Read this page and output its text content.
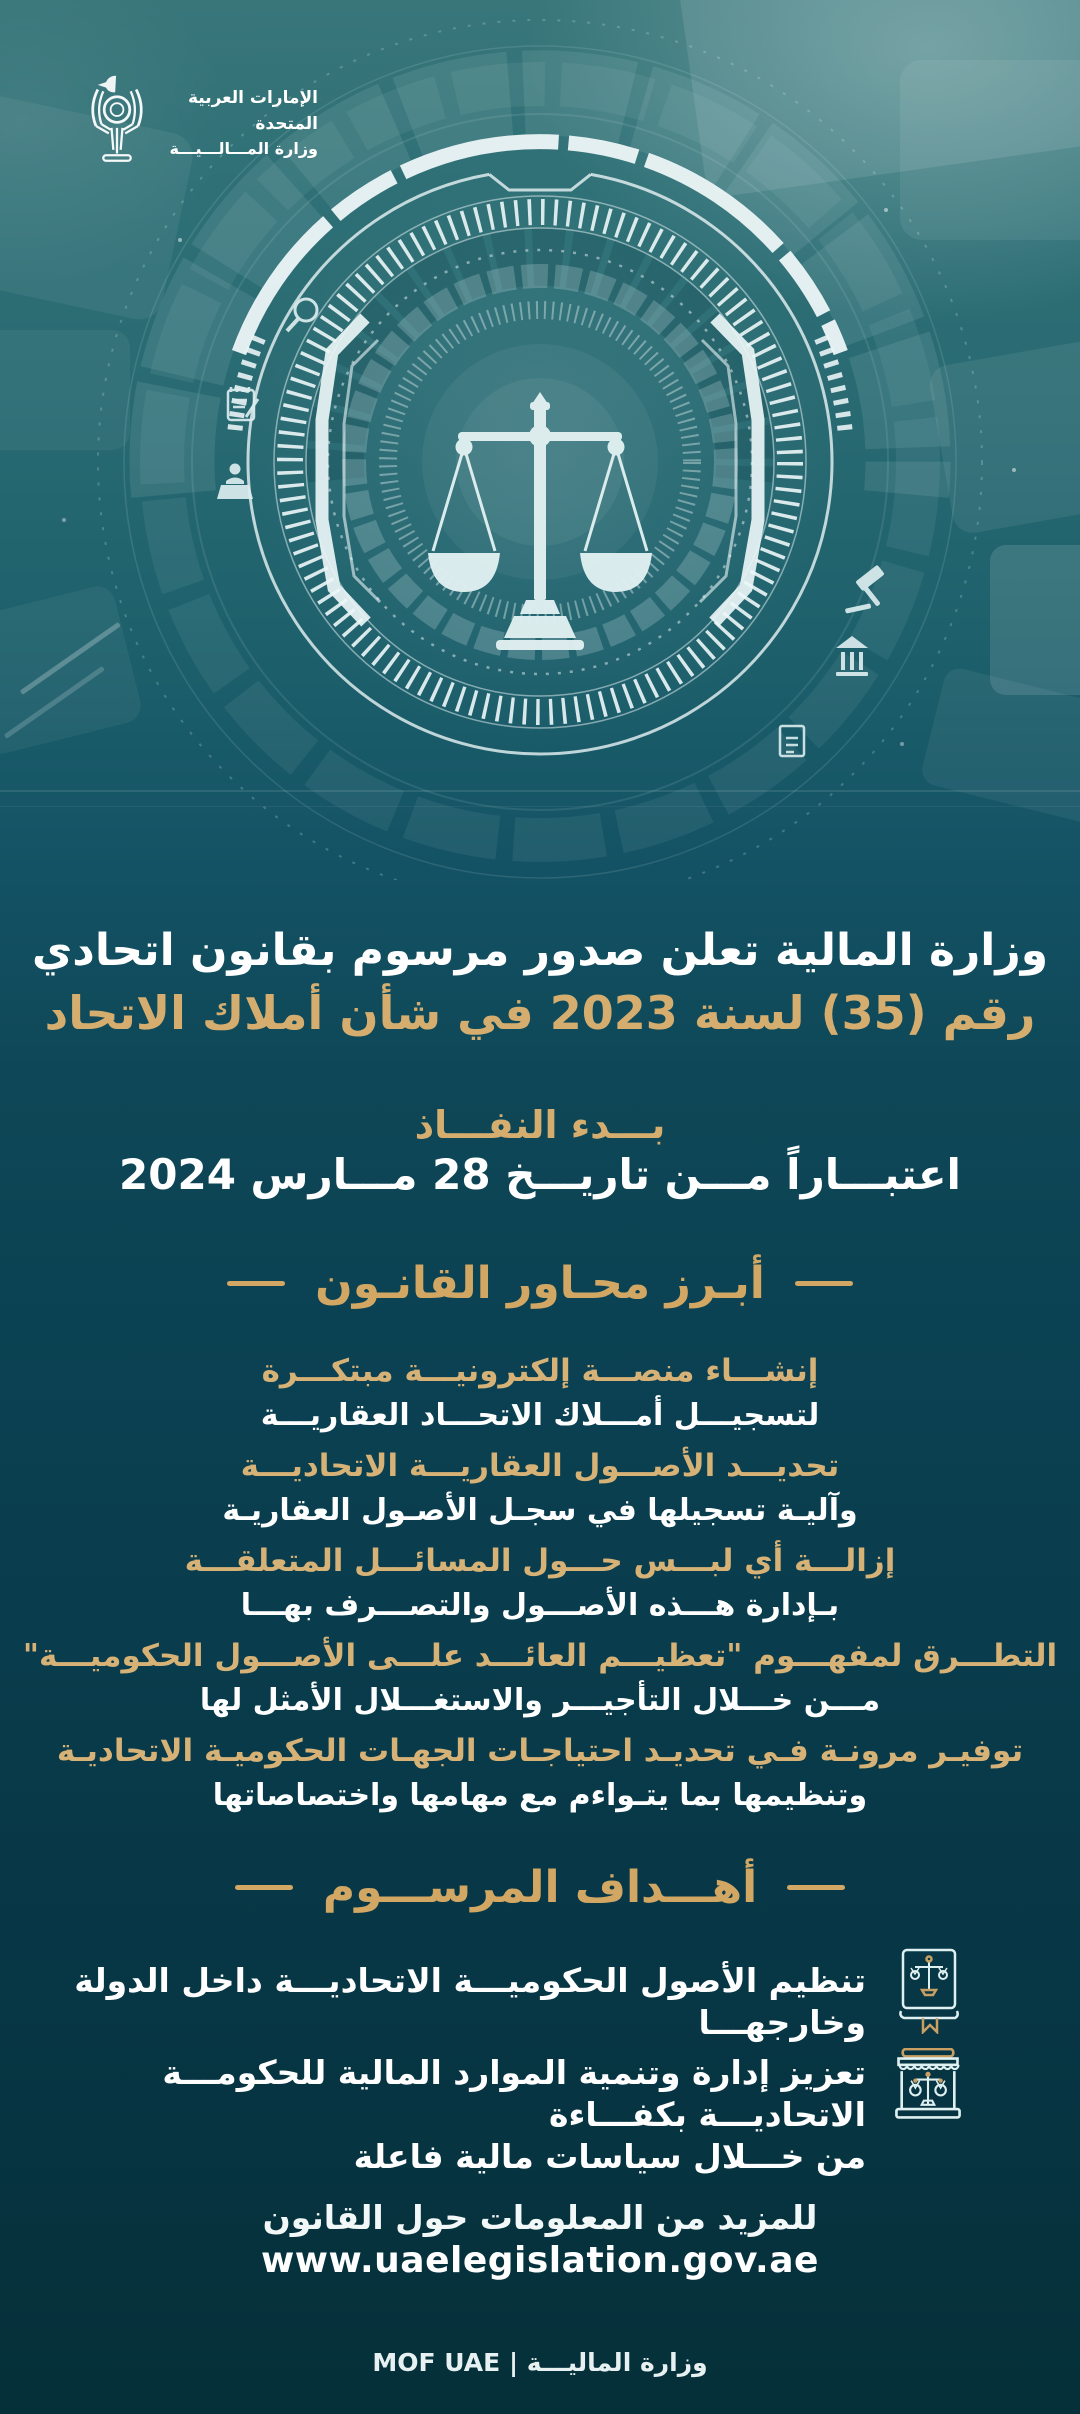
الإمارات العربية المتحدة
وزارة المـــالـــيـــة
وزارة المالية تعلن صدور مرسوم بقانون اتحادي
رقم (35) لسنة 2023 في شأن أملاك الاتحاد
بـــدء النفـــاذ
اعتبـــاراً مـــن تاريـــخ 28 مـــارس 2024
أبـرز محـاور القانـون
إنشـــاء منصـــة إلكترونيـــة مبتكـــرة
لتسجيـــل أمـــلاك الاتحـــاد العقاريـــة
تحديـــد الأصـــول العقاريـــة الاتحاديـــة
وآليـة تسجيلها في سجـل الأصـول العقاريـة
إزالـــة أي لبـــس حـــول المسائـــل المتعلقـــة
بـإدارة هـــذه الأصـــول والتصـــرف بهـــا
التطـــرق لمفهـــوم "تعظيـــم العائـــد علـــى الأصـــول الحكوميـــة"
مـــن خـــلال التأجيـــر والاستغـــلال الأمثل لها
توفيـر مرونـة فـي تحديـد احتياجـات الجهـات الحكوميـة الاتحاديـة
وتنظيمها بما يتـواءم مع مهامها واختصاصاتها
أهـــداف المرســـوم
تنظيم الأصول الحكوميـــة الاتحاديـــة داخل الدولة وخارجهـــا
تعزيز إدارة وتنمية الموارد المالية للحكومـــة الاتحاديـــة بكفـــاءة
من خـــلال سياسات مالية فاعلة
للمزيد من المعلومات حول القانون
www.uaelegislation.gov.ae
وزارة الماليـــة | MOF UAE
